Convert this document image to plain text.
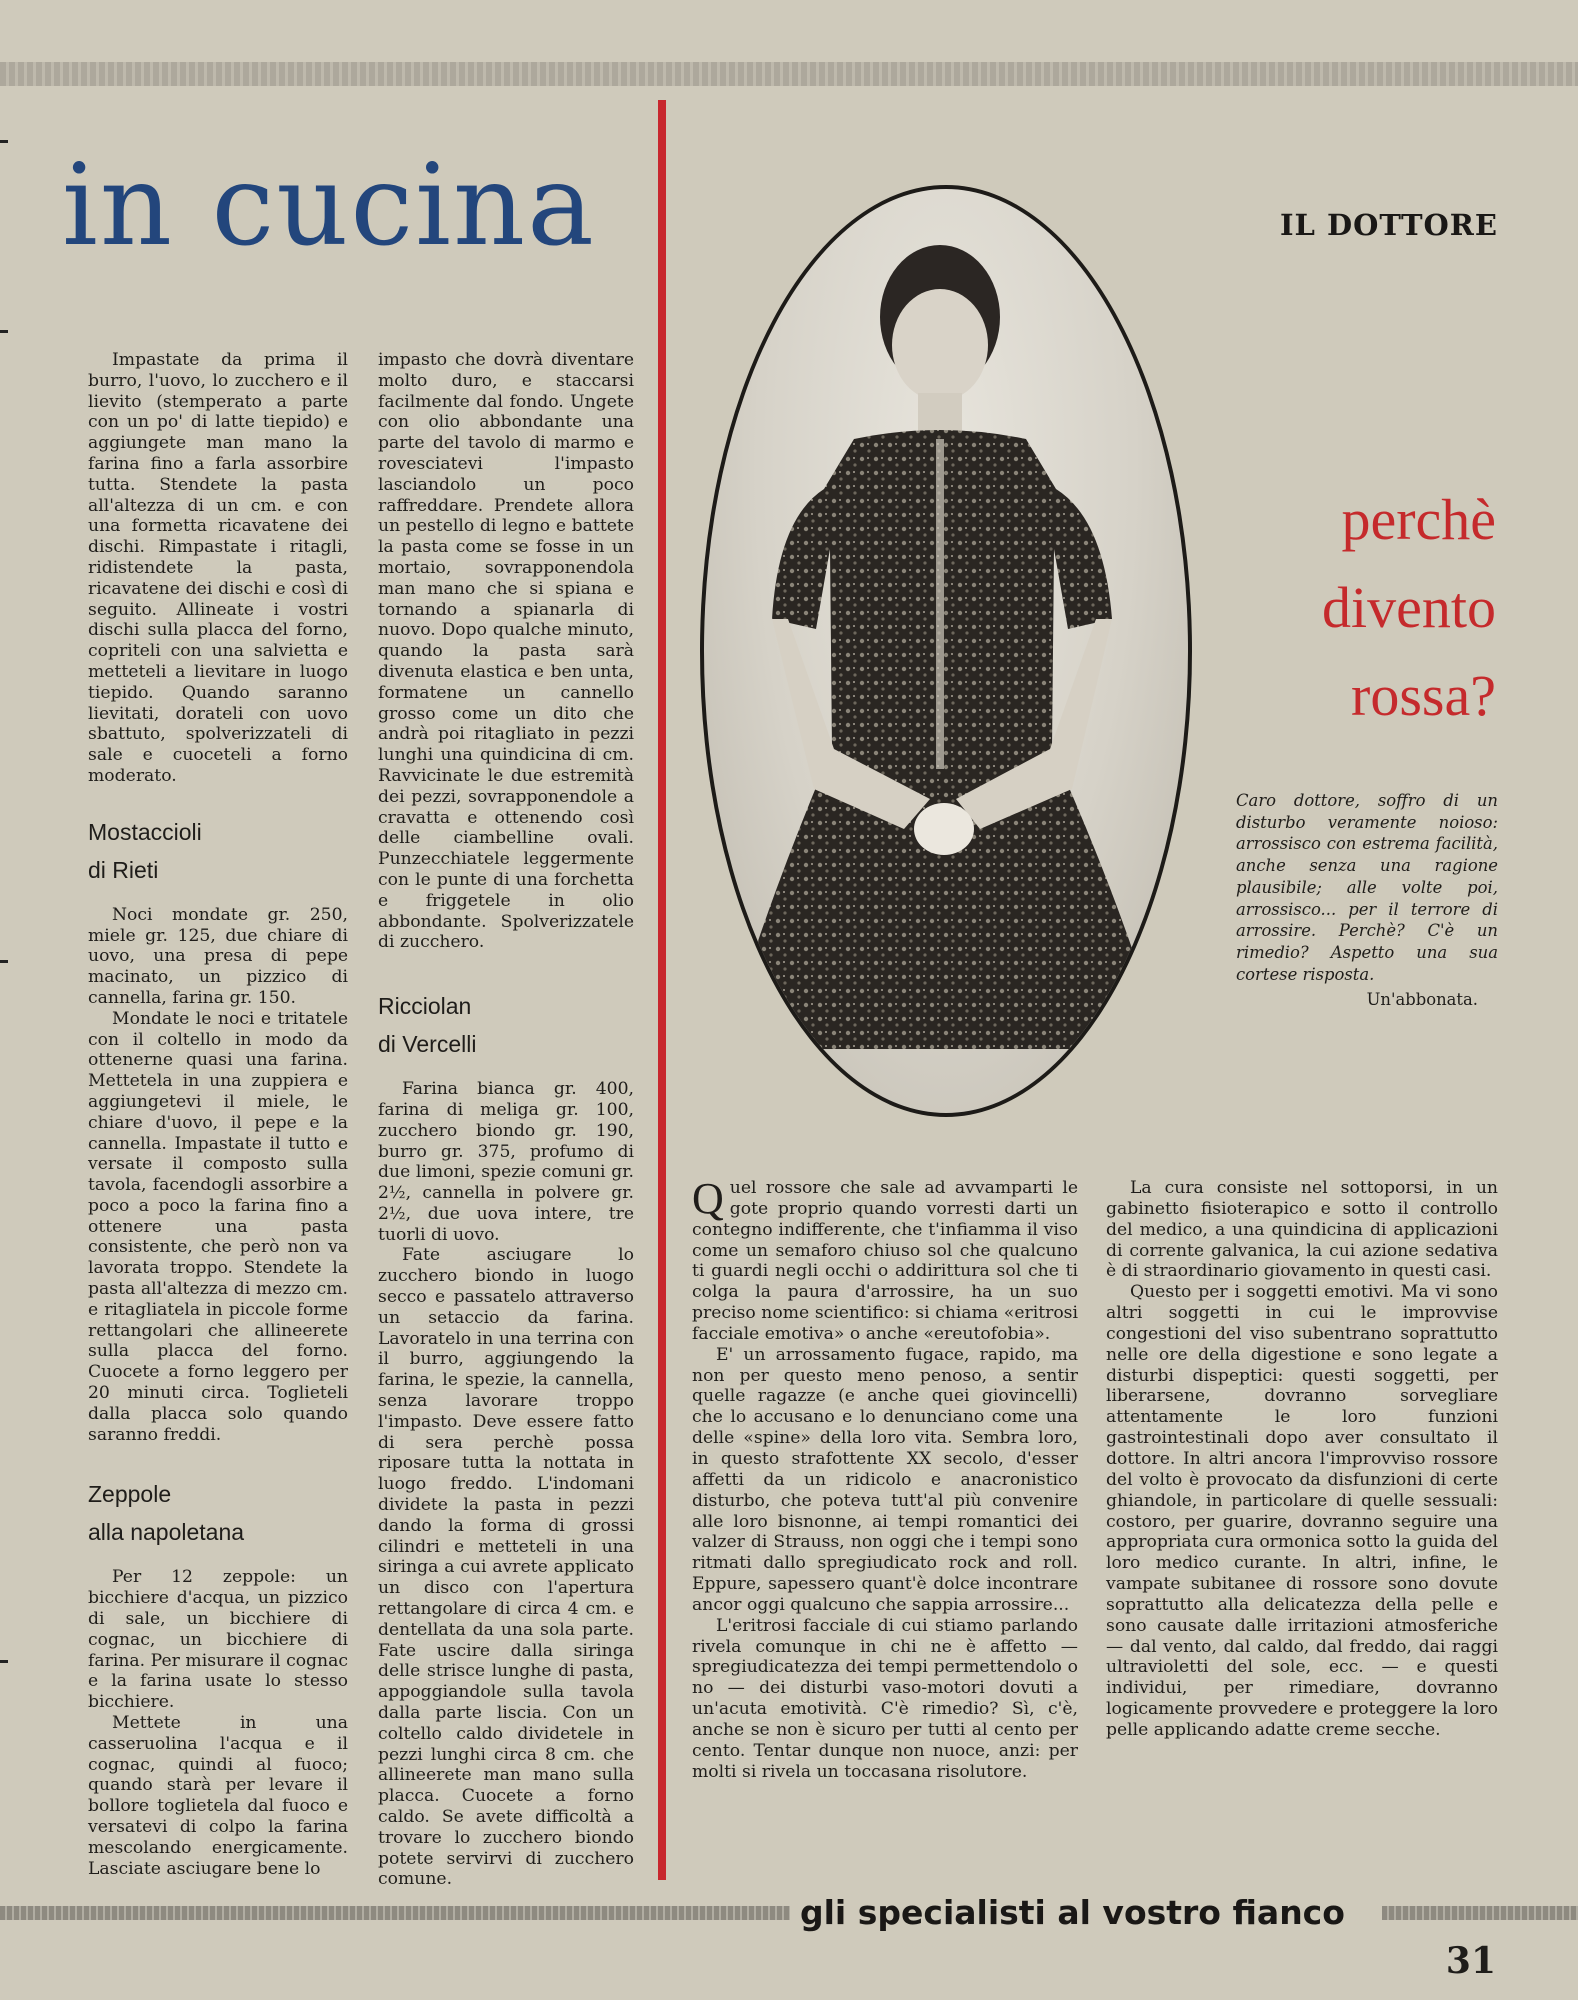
in cucina

Impastate da prima il burro, l'uovo, lo zucchero e il lievito (stemperato a parte con un po' di latte tiepido) e aggiungete man mano la farina fino a farla assorbire tutta. Stendete la pasta all'altezza di un cm. e con una formetta ricavatene dei dischi. Rimpastate i ritagli, ridistendete la pasta, ricavatene dei dischi e così di seguito. Allineate i vostri dischi sulla placca del forno, copriteli con una salvietta e metteteli a lievitare in luogo tiepido. Quando saranno lievitati, dorateli con uovo sbattuto, spolverizzateli di sale e cuoceteli a forno moderato.

Mostaccioli
di Rieti

Noci mondate gr. 250, miele gr. 125, due chiare di uovo, una presa di pepe macinato, un pizzico di cannella, farina gr. 150.

Mondate le noci e tritatele con il coltello in modo da ottenerne quasi una farina. Mettetela in una zuppiera e aggiungetevi il miele, le chiare d'uovo, il pepe e la cannella. Impastate il tutto e versate il composto sulla tavola, facendogli assorbire a poco a poco la farina fino a ottenere una pasta consistente, che però non va lavorata troppo. Stendete la pasta all'altezza di mezzo cm. e ritagliatela in piccole forme rettangolari che allineerete sulla placca del forno. Cuocete a forno leggero per 20 minuti circa. Toglieteli dalla placca solo quando saranno freddi.

Zeppole
alla napoletana

Per 12 zeppole: un bicchiere d'acqua, un pizzico di sale, un bicchiere di cognac, un bicchiere di farina. Per misurare il cognac e la farina usate lo stesso bicchiere.

Mettete in una casseruolina l'acqua e il cognac, quindi al fuoco; quando starà per levare il bollore toglietela dal fuoco e versatevi di colpo la farina mescolando energicamente. Lasciate asciugare bene lo

impasto che dovrà diventare molto duro, e staccarsi facilmente dal fondo. Ungete con olio abbondante una parte del tavolo di marmo e rovesciatevi l'impasto lasciandolo un poco raffreddare. Prendete allora un pestello di legno e battete la pasta come se fosse in un mortaio, sovrapponendola man mano che si spiana e tornando a spianarla di nuovo. Dopo qualche minuto, quando la pasta sarà divenuta elastica e ben unta, formatene un cannello grosso come un dito che andrà poi ritagliato in pezzi lunghi una quindicina di cm. Ravvicinate le due estremità dei pezzi, sovrapponendole a cravatta e ottenendo così delle ciambelline ovali. Punzecchiatele leggermente con le punte di una forchetta e friggetele in olio abbondante. Spolverizzatele di zucchero.

Ricciolan
di Vercelli

Farina bianca gr. 400, farina di meliga gr. 100, zucchero biondo gr. 190, burro gr. 375, profumo di due limoni, spezie comuni gr. 2½, cannella in polvere gr. 2½, due uova intere, tre tuorli di uovo.

Fate asciugare lo zucchero biondo in luogo secco e passatelo attraverso un setaccio da farina. Lavoratelo in una terrina con il burro, aggiungendo la farina, le spezie, la cannella, senza lavorare troppo l'impasto. Deve essere fatto di sera perchè possa riposare tutta la nottata in luogo freddo. L'indomani dividete la pasta in pezzi dando la forma di grossi cilindri e metteteli in una siringa a cui avrete applicato un disco con l'apertura rettangolare di circa 4 cm. e dentellata da una sola parte. Fate uscire dalla siringa delle strisce lunghe di pasta, appoggiandole sulla tavola dalla parte liscia. Con un coltello caldo dividetele in pezzi lunghi circa 8 cm. che allineerete man mano sulla placca. Cuocete a forno caldo. Se avete difficoltà a trovare lo zucchero biondo potete servirvi di zucchero comune.

IL DOTTORE
perchè
divento
rossa?

Caro dottore, soffro di un disturbo veramente noioso: arrossisco con estrema facilità, anche senza una ragione plausibile; alle volte poi, arrossisco... per il terrore di arrossire. Perchè? C'è un rimedio? Aspetto una sua cortese risposta.

Un'abbonata.

Quel rossore che sale ad avvamparti le gote proprio quando vorresti darti un contegno indifferente, che t'infiamma il viso come un semaforo chiuso sol che qualcuno ti guardi negli occhi o addirittura sol che ti colga la paura d'arrossire, ha un suo preciso nome scientifico: si chiama «eritrosi facciale emotiva» o anche «ereutofobia».

E' un arrossamento fugace, rapido, ma non per questo meno penoso, a sentir quelle ragazze (e anche quei giovincelli) che lo accusano e lo denunciano come una delle «spine» della loro vita. Sembra loro, in questo strafottente XX secolo, d'esser affetti da un ridicolo e anacronistico disturbo, che poteva tutt'al più convenire alle loro bisnonne, ai tempi romantici dei valzer di Strauss, non oggi che i tempi sono ritmati dallo spregiudicato rock and roll. Eppure, sapessero quant'è dolce incontrare ancor oggi qualcuno che sappia arrossire...

L'eritrosi facciale di cui stiamo parlando rivela comunque in chi ne è affetto — spregiudicatezza dei tempi permettendolo o no — dei disturbi vaso-motori dovuti a un'acuta emotività. C'è rimedio? Sì, c'è, anche se non è sicuro per tutti al cento per cento. Tentar dunque non nuoce, anzi: per molti si rivela un toccasana risolutore.

La cura consiste nel sottoporsi, in un gabinetto fisioterapico e sotto il controllo del medico, a una quindicina di applicazioni di corrente galvanica, la cui azione sedativa è di straordinario giovamento in questi casi.

Questo per i soggetti emotivi. Ma vi sono altri soggetti in cui le improvvise congestioni del viso subentrano soprattutto nelle ore della digestione e sono legate a disturbi dispeptici: questi soggetti, per liberarsene, dovranno sorvegliare attentamente le loro funzioni gastrointestinali dopo aver consultato il dottore. In altri ancora l'improvviso rossore del volto è provocato da disfunzioni di certe ghiandole, in particolare di quelle sessuali: costoro, per guarire, dovranno seguire una appropriata cura ormonica sotto la guida del loro medico curante. In altri, infine, le vampate subitanee di rossore sono dovute soprattutto alla delicatezza della pelle e sono causate dalle irritazioni atmosferiche — dal vento, dal caldo, dal freddo, dai raggi ultravioletti del sole, ecc. — e questi individui, per rimediare, dovranno logicamente provvedere e proteggere la loro pelle applicando adatte creme secche.

gli specialisti al vostro fianco
31
